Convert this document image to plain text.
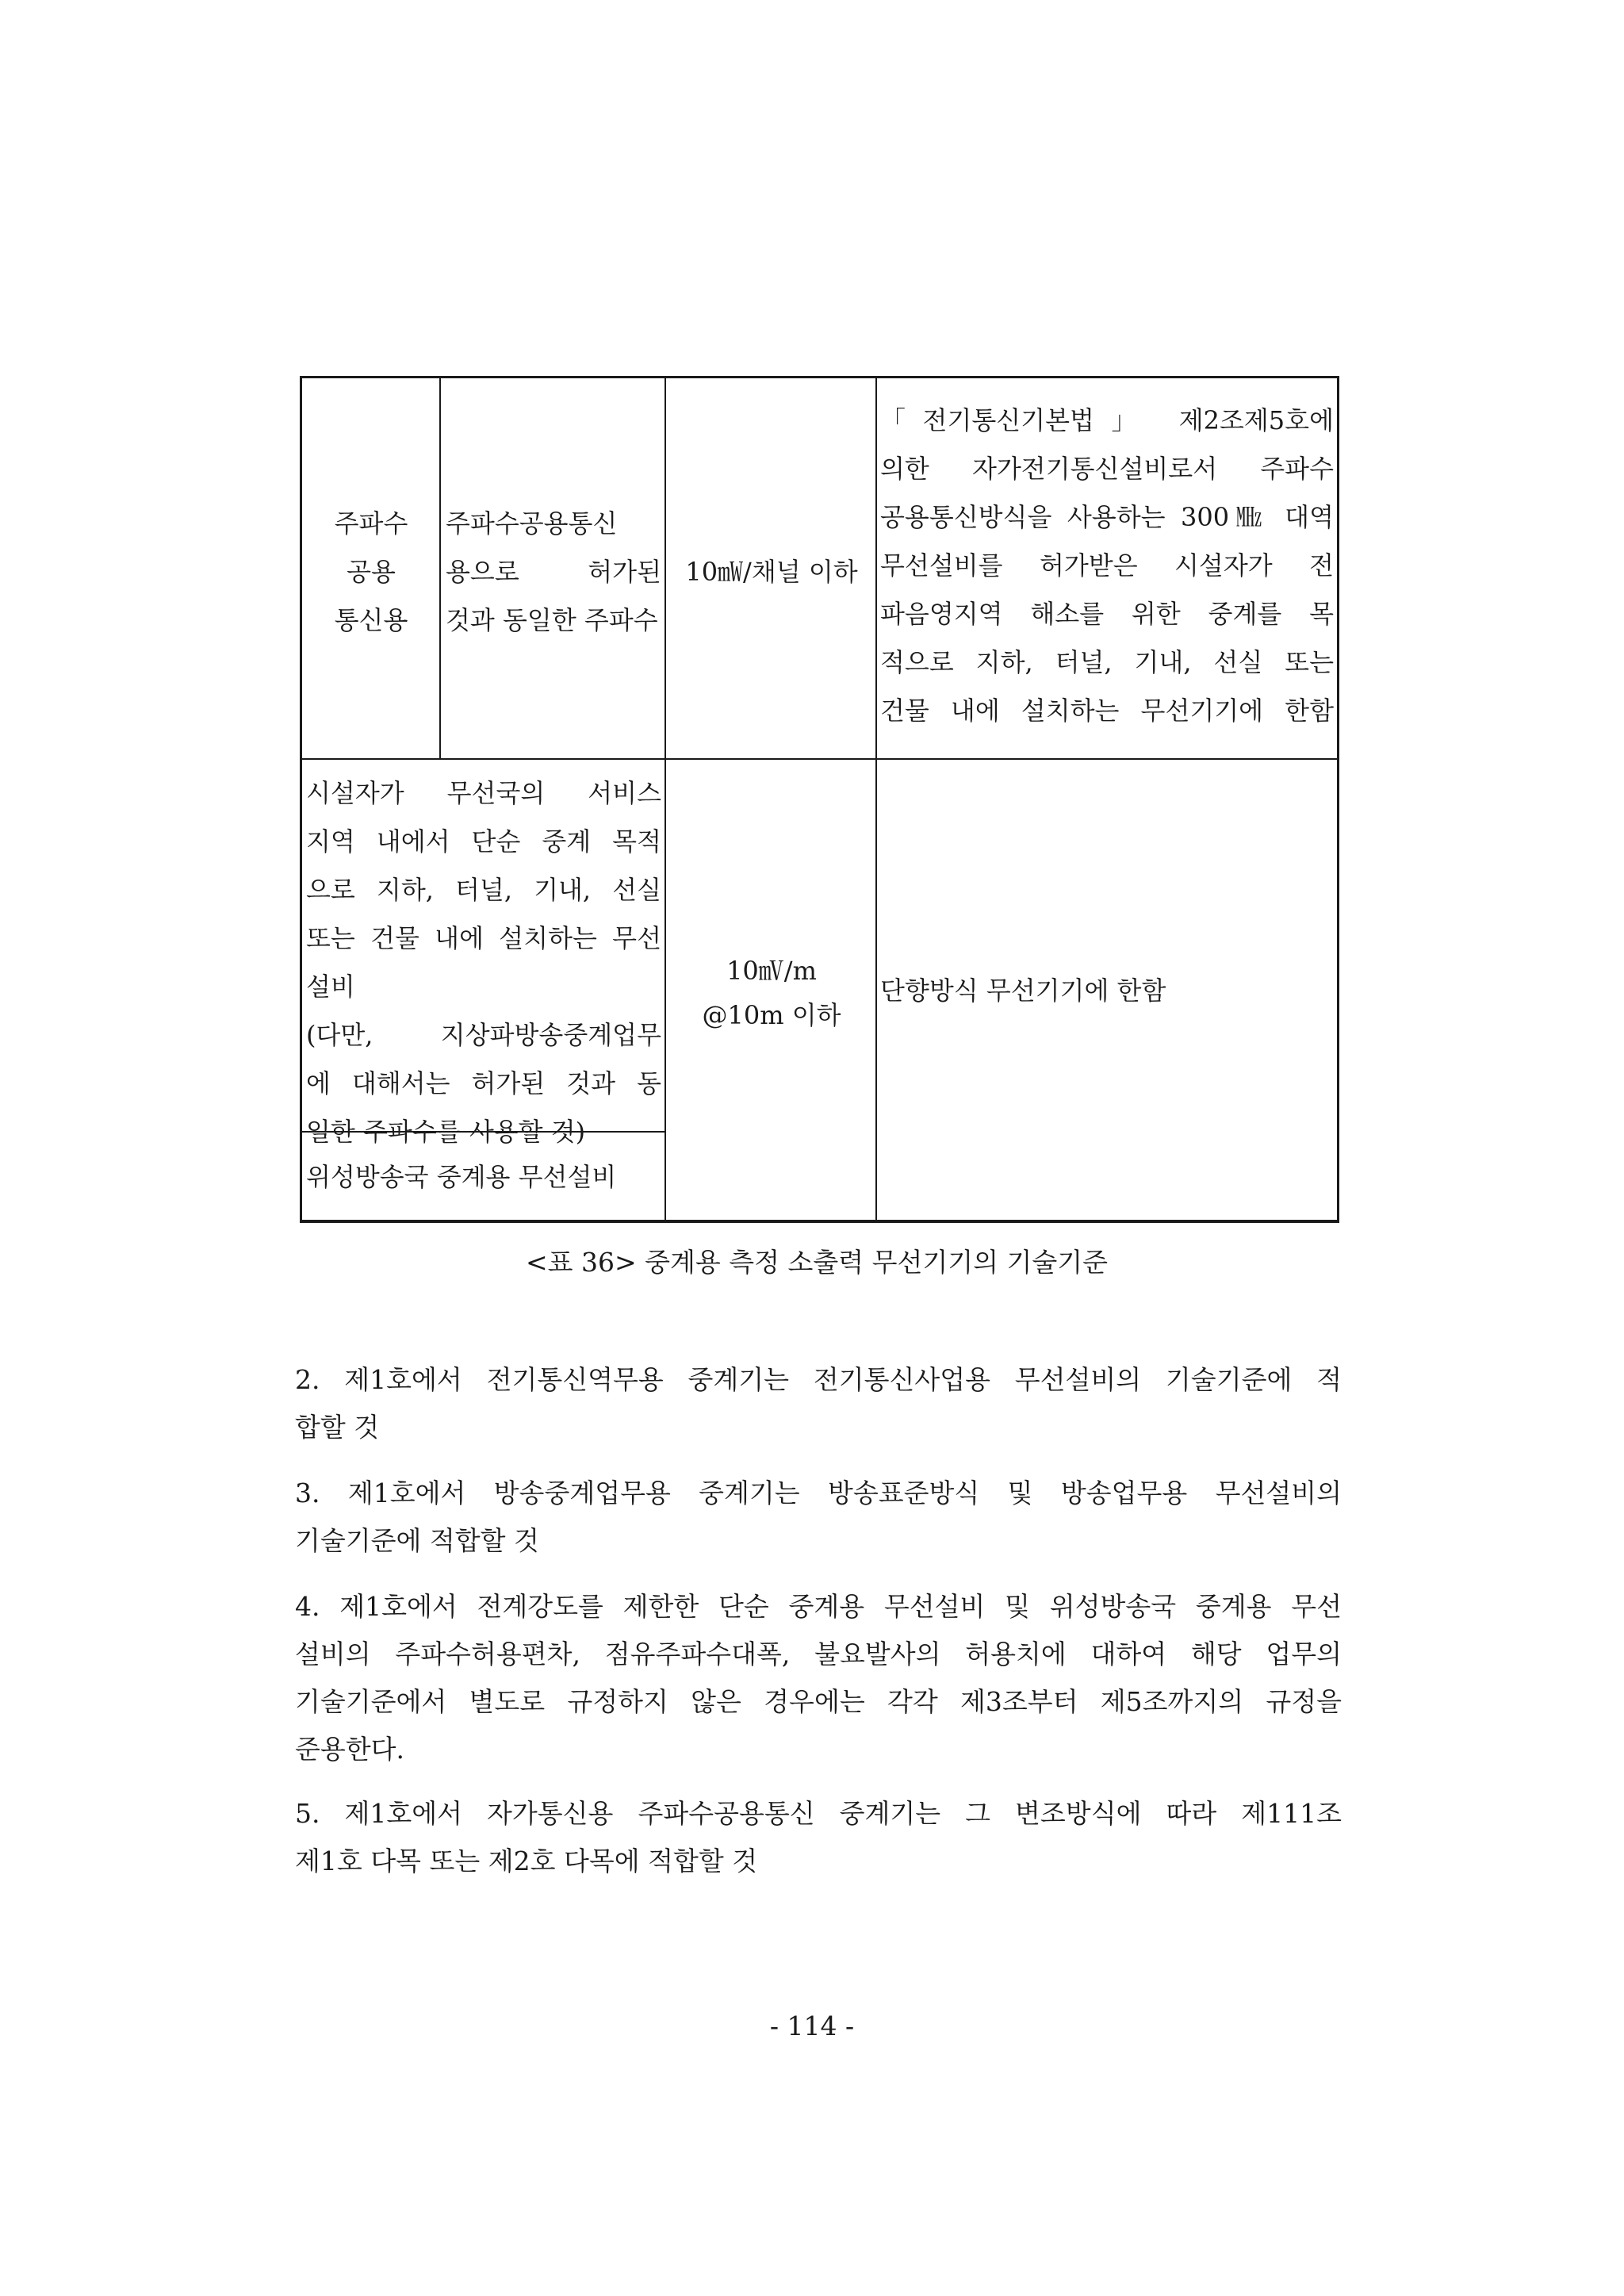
주파수
공용
통신용
주파수공용통신
용으로 허가된
것과 동일한 주파수
10㎽/채널 이하
「전기통신기본법」 제2조제5호에
의한 자가전기통신설비로서 주파수
공용통신방식을 사용하는 300㎒ 대역
무선설비를 허가받은 시설자가 전
파음영지역 해소를 위한 중계를 목
적으로 지하, 터널, 기내, 선실 또는
건물 내에 설치하는 무선기기에 한함
시설자가 무선국의 서비스
지역 내에서 단순 중계 목적
으로 지하, 터널, 기내, 선실
또는 건물 내에 설치하는 무선
설비
(다만, 지상파방송중계업무
에 대해서는 허가된 것과 동
일한 주파수를 사용할 것)
10㎷/m
@10m 이하
단향방식 무선기기에 한함
위성방송국 중계용 무선설비
<표 36> 중계용 측정 소출력 무선기기의 기술기준
2. 제1호에서 전기통신역무용 중계기는 전기통신사업용 무선설비의 기술기준에 적
합할 것
3. 제1호에서 방송중계업무용 중계기는 방송표준방식 및 방송업무용 무선설비의
기술기준에 적합할 것
4. 제1호에서 전계강도를 제한한 단순 중계용 무선설비 및 위성방송국 중계용 무선
설비의 주파수허용편차, 점유주파수대폭, 불요발사의 허용치에 대하여 해당 업무의
기술기준에서 별도로 규정하지 않은 경우에는 각각 제3조부터 제5조까지의 규정을
준용한다.
5. 제1호에서 자가통신용 주파수공용통신 중계기는 그 변조방식에 따라 제111조
제1호 다목 또는 제2호 다목에 적합할 것
- 114 -
